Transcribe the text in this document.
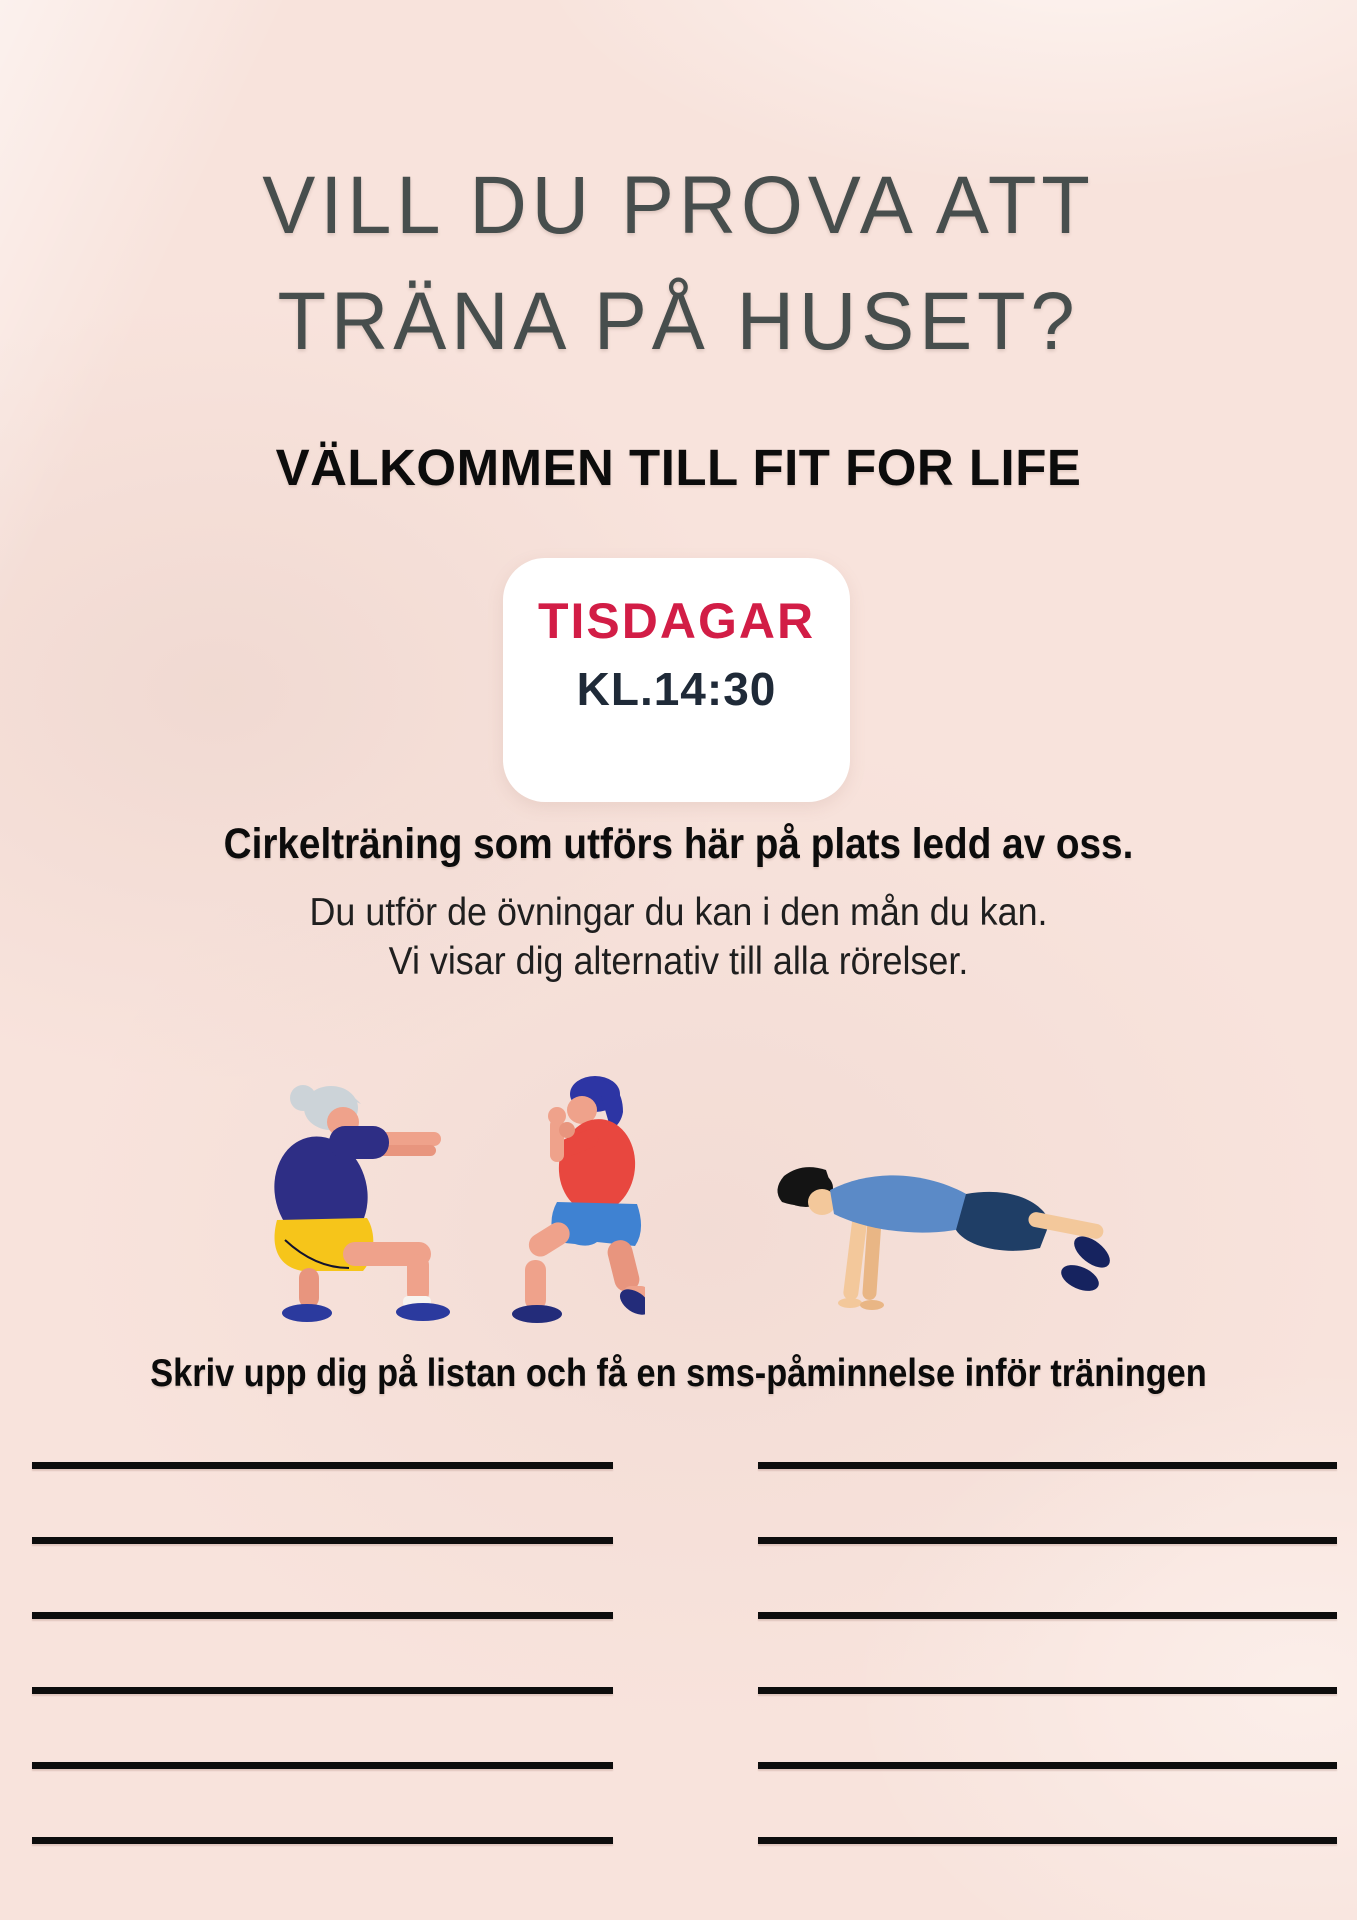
VILL DU PROVA ATT
TRÄNA PÅ HUSET?
VÄLKOMMEN TILL FIT FOR LIFE
TISDAGAR
KL.14:30
Cirkelträning som utförs här på plats ledd av oss.
Du utför de övningar du kan i den mån du kan.
Vi visar dig alternativ till alla rörelser.
Skriv upp dig på listan och få en sms-påminnelse inför träningen
